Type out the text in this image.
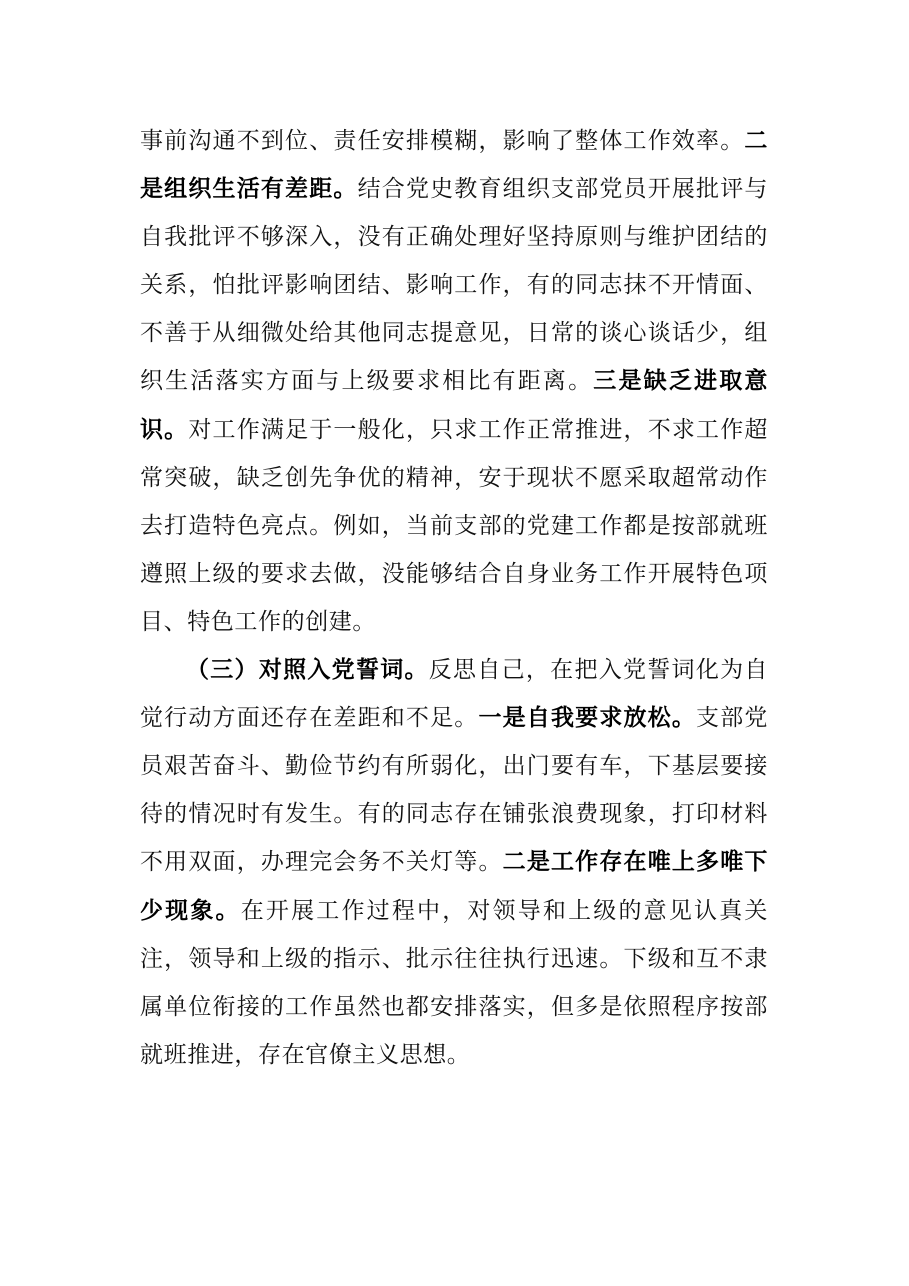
事前沟通不到位、责任安排模糊，影响了整体工作效率。二是组织生活有差距。结合党史教育组织支部党员开展批评与自我批评不够深入，没有正确处理好坚持原则与维护团结的关系，怕批评影响团结、影响工作，有的同志抹不开情面、不善于从细微处给其他同志提意见，日常的谈心谈话少，组织生活落实方面与上级要求相比有距离。三是缺乏进取意识。对工作满足于一般化，只求工作正常推进，不求工作超常突破，缺乏创先争优的精神，安于现状不愿采取超常动作去打造特色亮点。例如，当前支部的党建工作都是按部就班遵照上级的要求去做，没能够结合自身业务工作开展特色项目、特色工作的创建。

（三）对照入党誓词。反思自己，在把入党誓词化为自觉行动方面还存在差距和不足。一是自我要求放松。支部党员艰苦奋斗、勤俭节约有所弱化，出门要有车，下基层要接待的情况时有发生。有的同志存在铺张浪费现象，打印材料不用双面，办理完会务不关灯等。二是工作存在唯上多唯下少现象。在开展工作过程中，对领导和上级的意见认真关注，领导和上级的指示、批示往往执行迅速。下级和互不隶属单位衔接的工作虽然也都安排落实，但多是依照程序按部就班推进，存在官僚主义思想。
